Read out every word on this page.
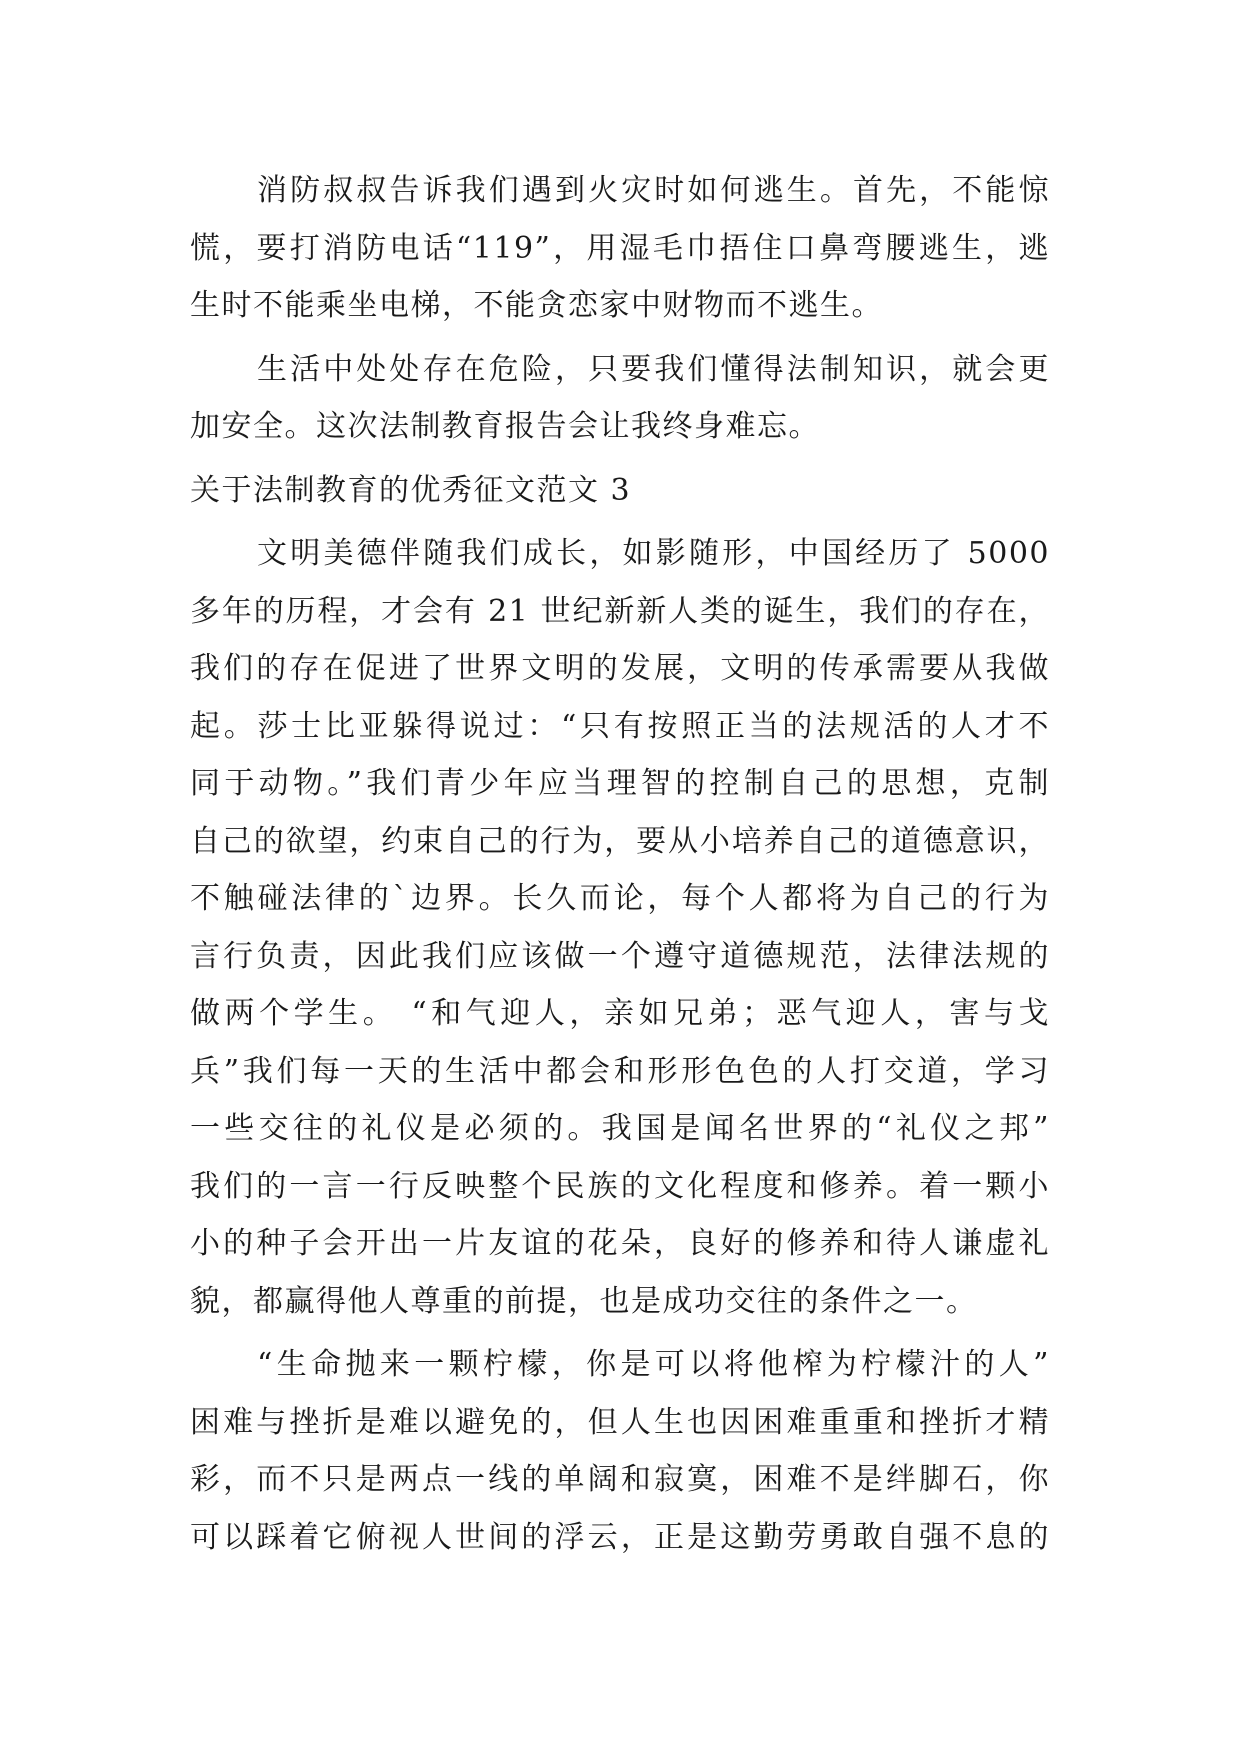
消防叔叔告诉我们遇到火灾时如何逃生。首先，不能惊
慌，要打消防电话“119”，用湿毛巾捂住口鼻弯腰逃生，逃
生时不能乘坐电梯，不能贪恋家中财物而不逃生。
生活中处处存在危险，只要我们懂得法制知识，就会更
加安全。这次法制教育报告会让我终身难忘。
关于法制教育的优秀征文范文 3
文明美德伴随我们成长，如影随形，中国经历了 5000
多年的历程，才会有 21 世纪新新人类的诞生，我们的存在，
我们的存在促进了世界文明的发展，文明的传承需要从我做
起。莎士比亚躲得说过：“只有按照正当的法规活的人才不
同于动物。”我们青少年应当理智的控制自己的思想，克制
自己的欲望，约束自己的行为，要从小培养自己的道德意识，
不触碰法律的`边界。长久而论，每个人都将为自己的行为
言行负责，因此我们应该做一个遵守道德规范，法律法规的
做两个学生。 “和气迎人，亲如兄弟；恶气迎人，害与戈
兵”我们每一天的生活中都会和形形色色的人打交道，学习
一些交往的礼仪是必须的。我国是闻名世界的“礼仪之邦”
我们的一言一行反映整个民族的文化程度和修养。着一颗小
小的种子会开出一片友谊的花朵，良好的修养和待人谦虚礼
貌，都赢得他人尊重的前提，也是成功交往的条件之一。
“生命抛来一颗柠檬，你是可以将他榨为柠檬汁的人”
困难与挫折是难以避免的，但人生也因困难重重和挫折才精
彩，而不只是两点一线的单阔和寂寞，困难不是绊脚石，你
可以踩着它俯视人世间的浮云，正是这勤劳勇敢自强不息的
